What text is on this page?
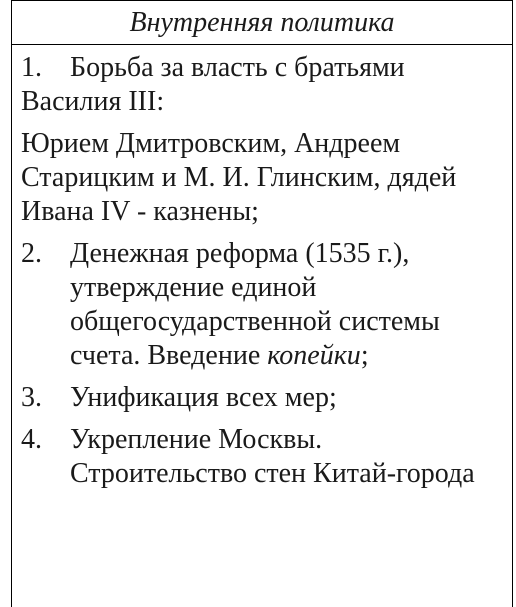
Внутренняя политика
1.	Борьба за власть с братьями

Василия III:

Юрием Дмитровским, Андреем Старицким и М. И. Глинским, дядей Ивана IV - казнены;

2.	Денежная реформа (1535 г.), утверждение единой общегосударственной системы счета. Введение копейки;
3.	Унификация всех мер;
4.	Укрепление Москвы. Строительство стен Китай-города
